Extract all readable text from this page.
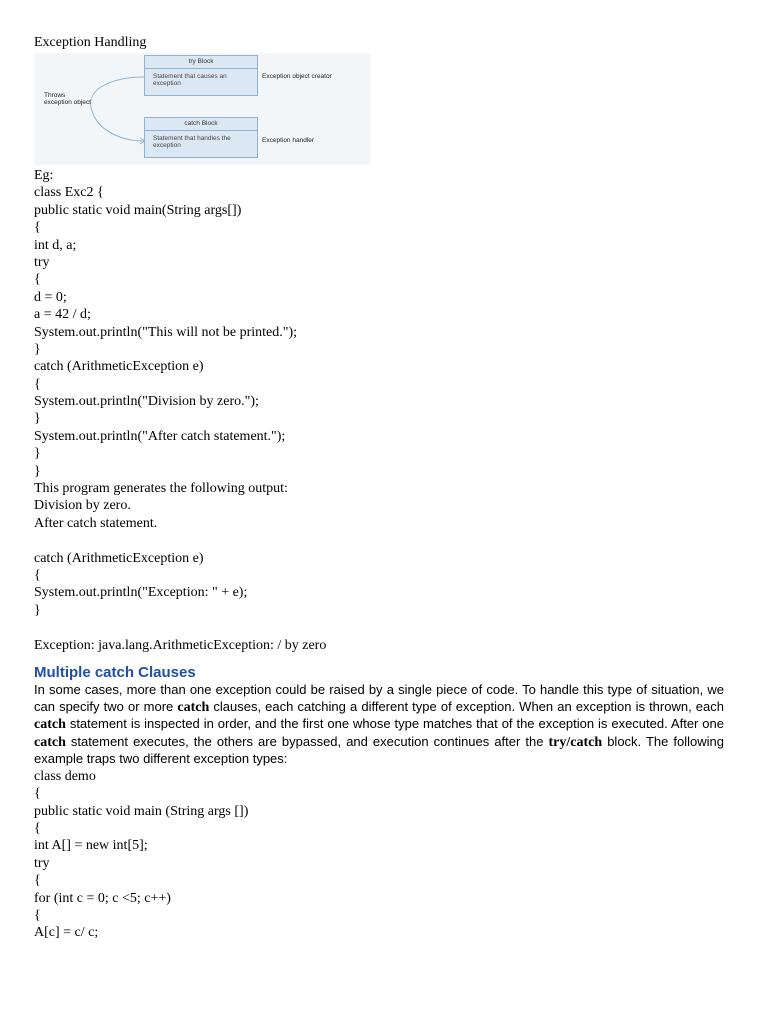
Exception Handling
try Block
Statement that causes an exception
Exception object creator
Throws exception object
catch Block
Statement that handles the exception
Exception handler
Eg:
class Exc2 {
public static void main(String args[])
{
int d, a;
try
{
d = 0;
a = 42 / d;
System.out.println("This will not be printed.");
}
catch (ArithmeticException e)
{
System.out.println("Division by zero.");
}
System.out.println("After catch statement.");
}
}
This program generates the following output:
Division by zero.
After catch statement.
catch (ArithmeticException e)
{
System.out.println("Exception: " + e);
}
Exception: java.lang.ArithmeticException: / by zero
Multiple catch Clauses
In some cases, more than one exception could be raised by a single piece of code. To handle this type of situation, we can specify two or more catch clauses, each catching a different type of exception. When an exception is thrown, each catch statement is inspected in order, and the first one whose type matches that of the exception is executed. After one catch statement executes, the others are bypassed, and execution continues after the try/catch block. The following example traps two different exception types:
class demo
{
public static void main (String args [])
{
int A[] = new int[5];
try
{
for (int c = 0; c <5; c++)
{
A[c] = c/ c;
